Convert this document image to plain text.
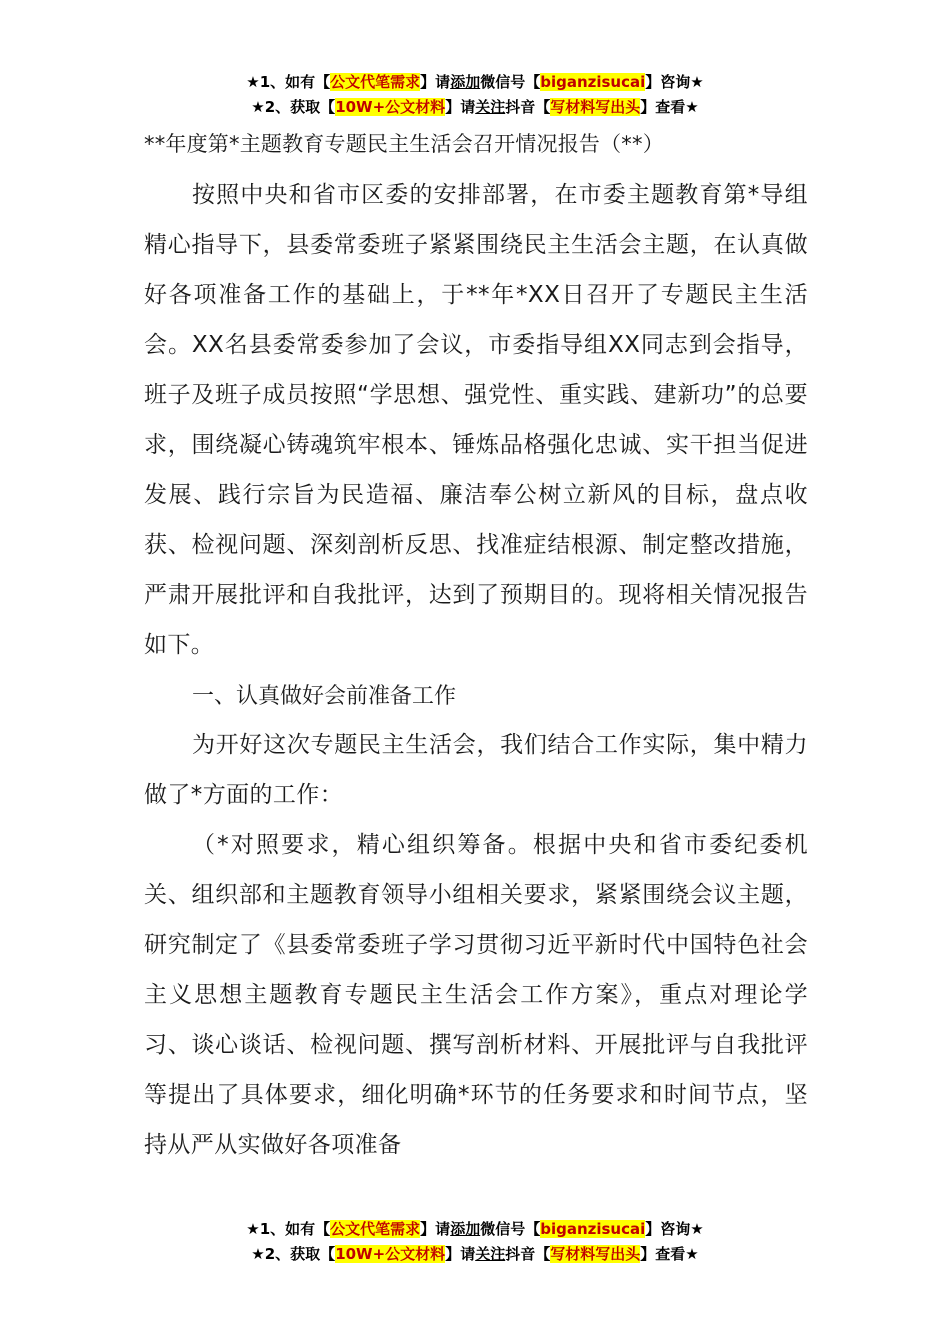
★1、如有【公文代笔需求】请添加微信号【biganzisucai】咨询★
★2、获取【10W+公文材料】请关注抖音【写材料写出头】查看★
**年度第*主题教育专题民主生活会召开情况报告（**）

按照中央和省市区委的安排部署，在市委主题教育第*导组精心指导下，县委常委班子紧紧围绕民主生活会主题，在认真做好各项准备工作的基础上，于**年*XX日召开了专题民主生活会。XX名县委常委参加了会议，市委指导组XX同志到会指导，班子及班子成员按照“学思想、强党性、重实践、建新功”的总要求，围绕凝心铸魂筑牢根本、锤炼品格强化忠诚、实干担当促进发展、践行宗旨为民造福、廉洁奉公树立新风的目标，盘点收获、检视问题、深刻剖析反思、找准症结根源、制定整改措施，严肃开展批评和自我批评，达到了预期目的。现将相关情况报告如下。

一、认真做好会前准备工作

为开好这次专题民主生活会，我们结合工作实际，集中精力做了*方面的工作：

（*对照要求，精心组织筹备。根据中央和省市委纪委机关、组织部和主题教育领导小组相关要求，紧紧围绕会议主题，研究制定了《县委常委班子学习贯彻习近平新时代中国特色社会主义思想主题教育专题民主生活会工作方案》，重点对理论学习、谈心谈话、检视问题、撰写剖析材料、开展批评与自我批评等提出了具体要求，细化明确*环节的任务要求和时间节点，坚持从严从实做好各项准备

★1、如有【公文代笔需求】请添加微信号【biganzisucai】咨询★
★2、获取【10W+公文材料】请关注抖音【写材料写出头】查看★
